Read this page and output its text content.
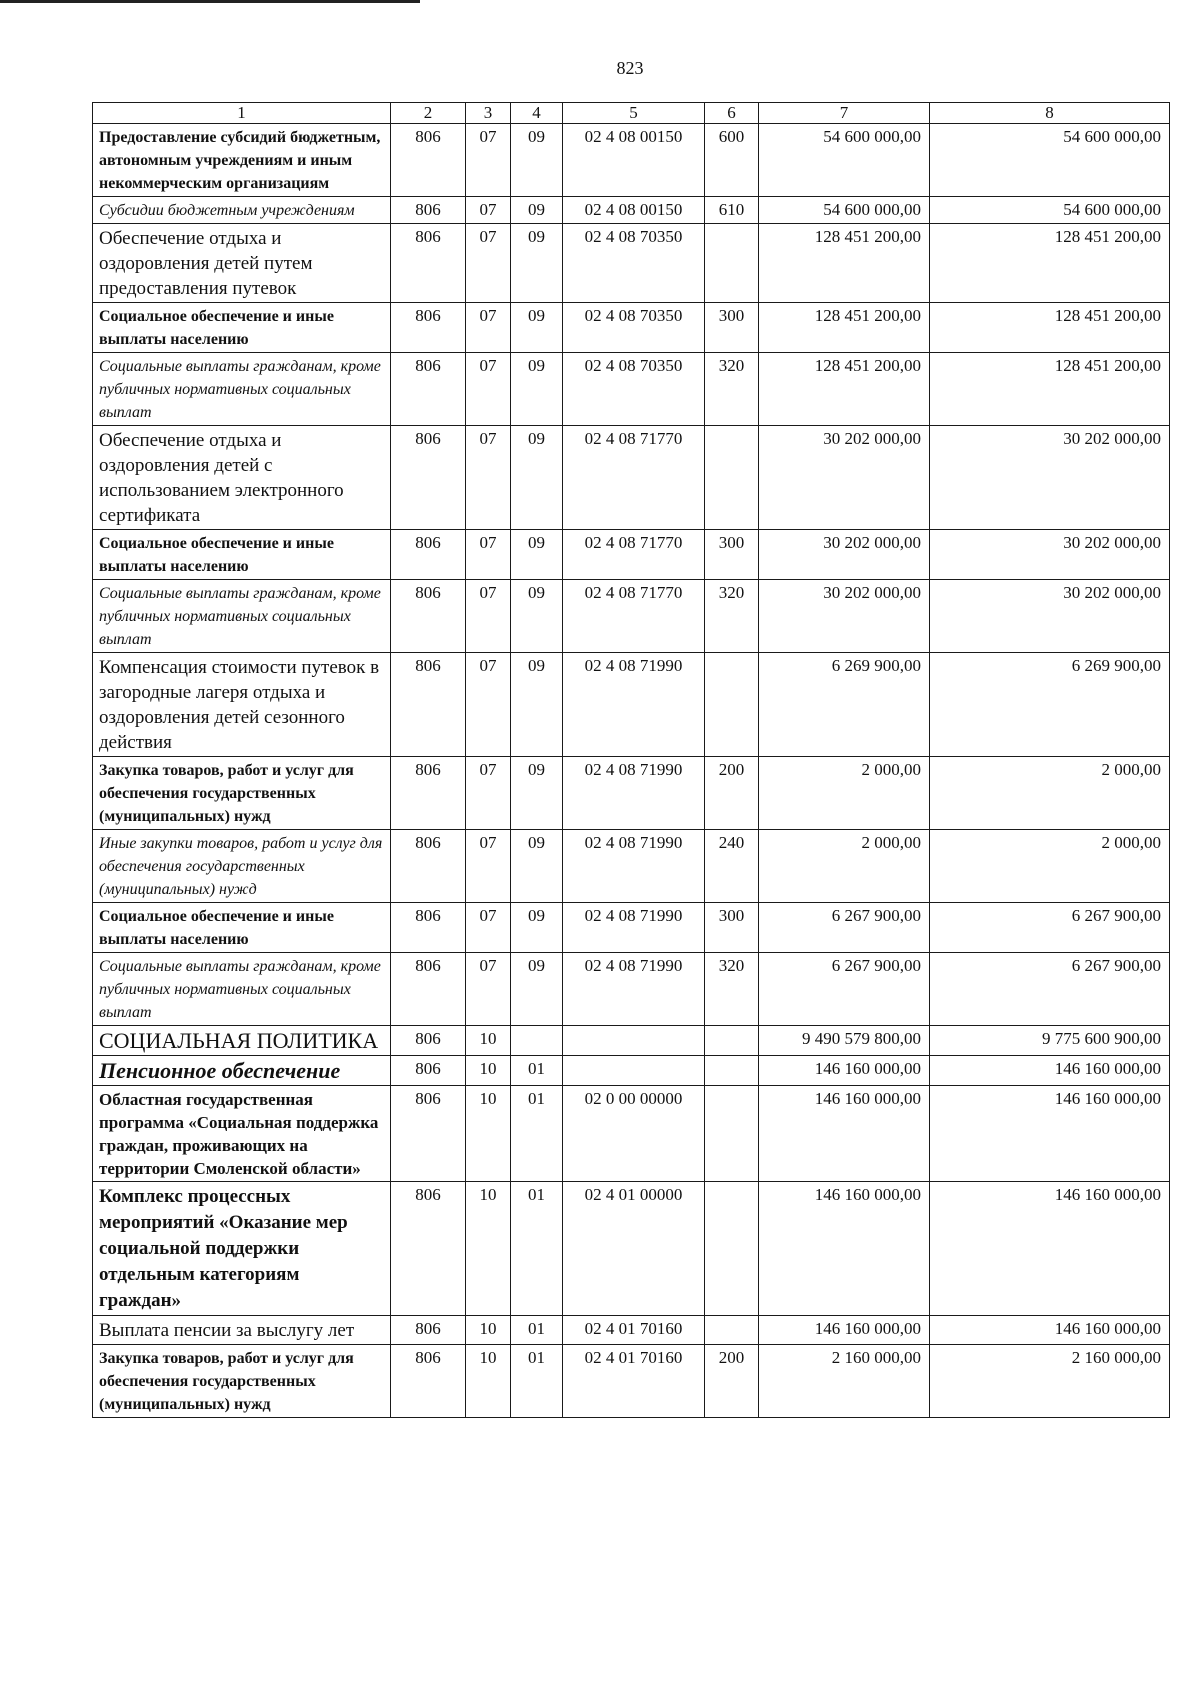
823
1	2	3	4	5	6	7	8
Предоставление субсидий бюджетным, автономным учреждениям и иным некоммерческим организациям	806	07	09	02 4 08 00150	600	54 600 000,00	54 600 000,00
Субсидии бюджетным учреждениям	806	07	09	02 4 08 00150	610	54 600 000,00	54 600 000,00
Обеспечение отдыха и оздоровления детей путем предоставления путевок	806	07	09	02 4 08 70350		128 451 200,00	128 451 200,00
Социальное обеспечение и иные выплаты населению	806	07	09	02 4 08 70350	300	128 451 200,00	128 451 200,00
Социальные выплаты гражданам, кроме публичных нормативных социальных выплат	806	07	09	02 4 08 70350	320	128 451 200,00	128 451 200,00
Обеспечение отдыха и оздоровления детей с использованием электронного сертификата	806	07	09	02 4 08 71770		30 202 000,00	30 202 000,00
Социальное обеспечение и иные выплаты населению	806	07	09	02 4 08 71770	300	30 202 000,00	30 202 000,00
Социальные выплаты гражданам, кроме публичных нормативных социальных выплат	806	07	09	02 4 08 71770	320	30 202 000,00	30 202 000,00
Компенсация стоимости путевок в загородные лагеря отдыха и оздоровления детей сезонного действия	806	07	09	02 4 08 71990		6 269 900,00	6 269 900,00
Закупка товаров, работ и услуг для обеспечения государственных (муниципальных) нужд	806	07	09	02 4 08 71990	200	2 000,00	2 000,00
Иные закупки товаров, работ и услуг для обеспечения государственных (муниципальных) нужд	806	07	09	02 4 08 71990	240	2 000,00	2 000,00
Социальное обеспечение и иные выплаты населению	806	07	09	02 4 08 71990	300	6 267 900,00	6 267 900,00
Социальные выплаты гражданам, кроме публичных нормативных социальных выплат	806	07	09	02 4 08 71990	320	6 267 900,00	6 267 900,00
СОЦИАЛЬНАЯ ПОЛИТИКА	806	10				9 490 579 800,00	9 775 600 900,00
Пенсионное обеспечение	806	10	01			146 160 000,00	146 160 000,00
Областная государственная программа «Социальная поддержка граждан, проживающих на территории Смоленской области»	806	10	01	02 0 00 00000		146 160 000,00	146 160 000,00
Комплекс процессных мероприятий «Оказание мер социальной поддержки отдельным категориям граждан»	806	10	01	02 4 01 00000		146 160 000,00	146 160 000,00
Выплата пенсии за выслугу лет	806	10	01	02 4 01 70160		146 160 000,00	146 160 000,00
Закупка товаров, работ и услуг для обеспечения государственных (муниципальных) нужд	806	10	01	02 4 01 70160	200	2 160 000,00	2 160 000,00
